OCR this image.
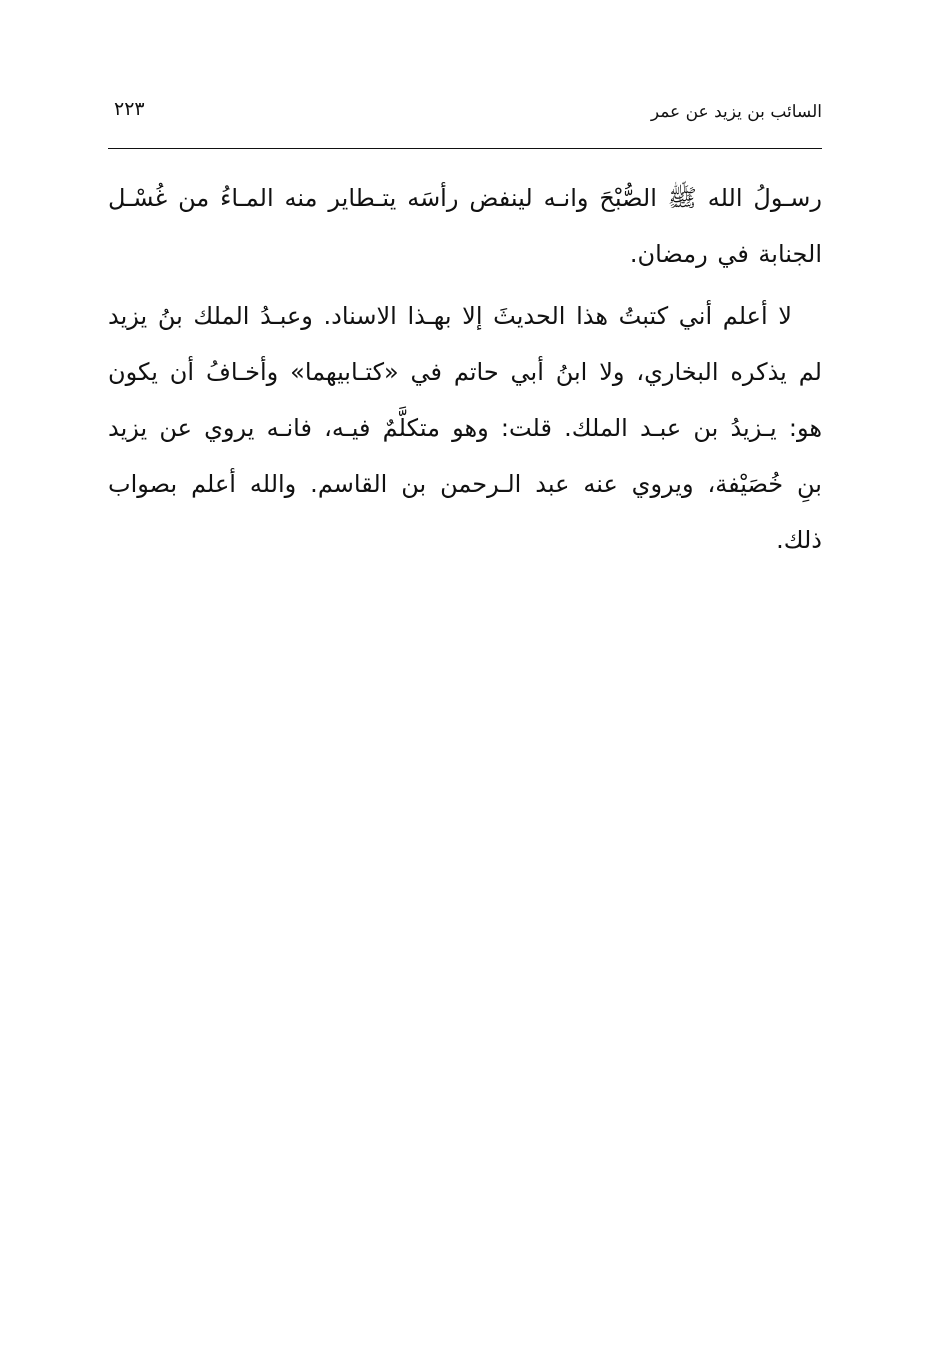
السائب بن يزيد عن عمر
٢٢٣

رسـولُ الله ﷺ الصُّبْحَ وانـه لينفض رأسَه يتـطاير منه المـاءُ من غُسْـل الجنابة في رمضان.

لا أعلم أني كتبتُ هذا الحديثَ إلا بهـذا الاسناد. وعبـدُ الملك بنُ يزيد لم يذكره البخاري، ولا ابنُ أبي حاتم في «كتـابيهما» وأخـافُ أن يكون هو: يـزيدُ بن عبـد الملك. قلت: وهو متكلَّمٌ فيـه، فانـه يروي عن يزيد بنِ خُصَيْفة، ويروي عنه عبد الـرحمن بن القاسم. والله أعلم بصواب ذلك.
